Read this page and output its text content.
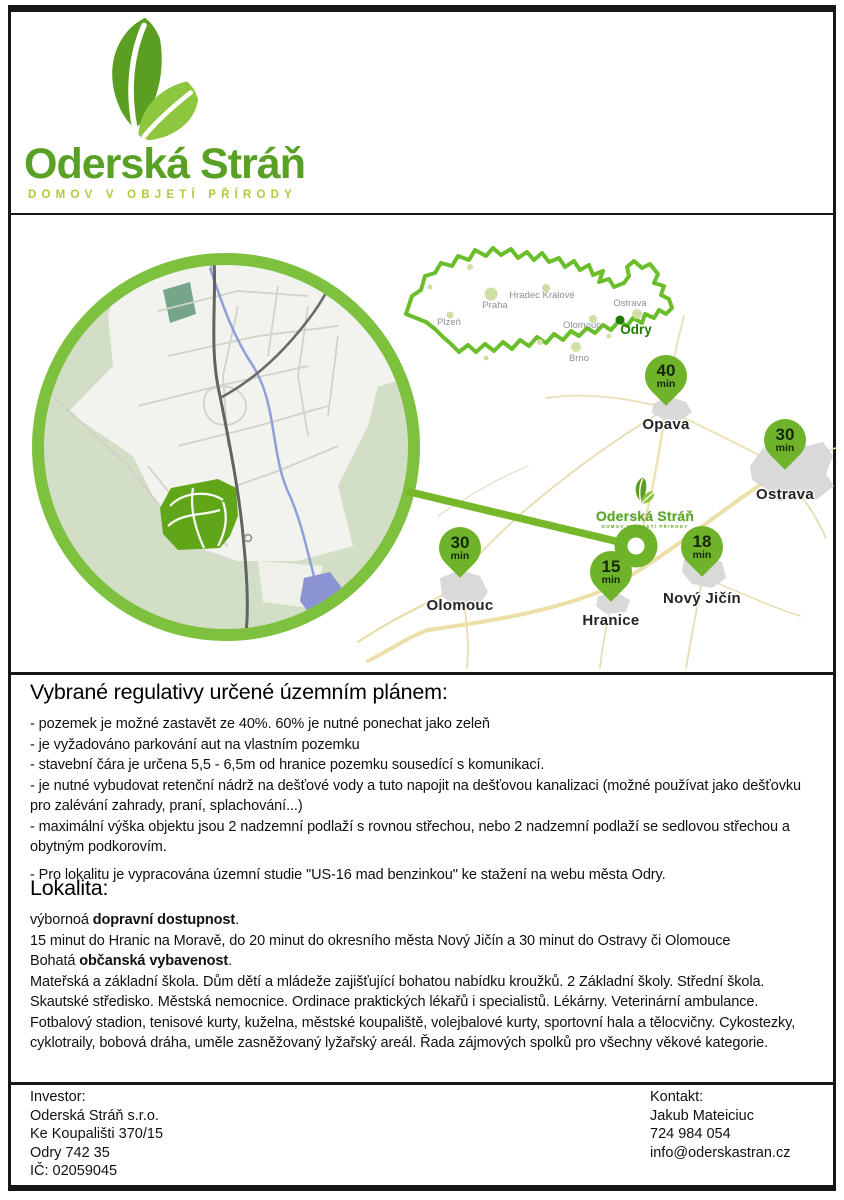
Oderská Stráň
DOMOV V OBJETÍ PŘÍRODY
Praha
Plzeň
Hradec Králové
Olomouc
Brno
Ostrava
Odry
Oderská Stráň
DOMOV V OBJETÍ PŘÍRODY
40
min
Opava
30
min
Ostrava
30
min
Olomouc
15
min
Hranice
18
min
Nový Jičín
Vybrané regulativy určené územním plánem:

- pozemek je možné zastavět ze 40%. 60% je nutné ponechat jako zeleň

- je vyžadováno parkování aut na vlastním pozemku

- stavební čára je určena 5,5 - 6,5m od hranice pozemku sousedící s komunikací.

- je nutné vybudovat retenční nádrž na dešťové vody a tuto napojit na dešťovou kanalizaci (možné používat jako dešťovku pro zalévání zahrady, praní, splachování...)

- maximální výška objektu jsou 2 nadzemní podlaží s rovnou střechou, nebo 2 nadzemní podlaží se sedlovou střechou a obytným podkorovím.

- Pro lokalitu je vypracována územní studie "US-16 mad benzinkou" ke stažení na webu města Odry.

Lokalita:

výbornoá dopravní dostupnost.

15 minut do Hranic na Moravě, do 20 minut do okresního města Nový Jičín a 30 minut do Ostravy či Olomouce

Bohatá občanská vybavenost.

Mateřská a základní škola. Dům dětí a mládeže zajišťující bohatou nabídku kroužků. 2 Základní školy. Střední škola. Skautské středisko. Městská nemocnice. Ordinace praktických lékařů i specialistů. Lékárny. Veterinární ambulance. Fotbalový stadion, tenisové kurty, kuželna, městské koupaliště, volejbalové kurty, sportovní hala a tělocvičny. Cykostezky, cyklotraily, bobová dráha, uměle zasněžovaný lyžařský areál. Řada zájmových spolků pro všechny věkové kategorie.

Investor:

Oderská Stráň s.r.o.

Ke Koupališti 370/15

Odry 742 35

IČ: 02059045

Kontakt:

Jakub Mateiciuc

724 984 054

info@oderskastran.cz
